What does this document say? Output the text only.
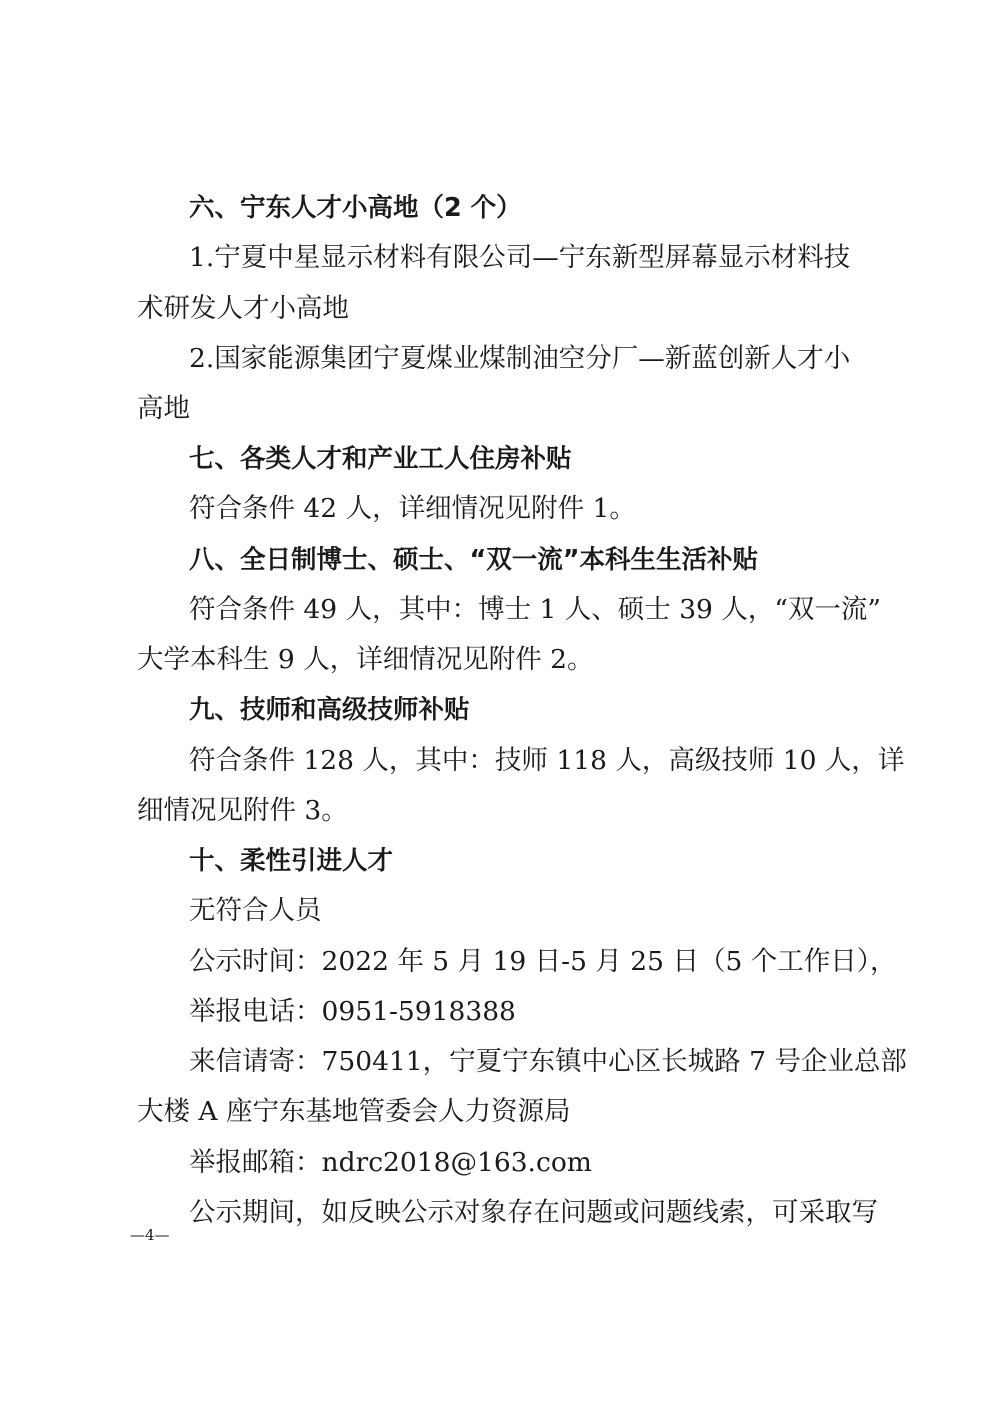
六、宁东人才小高地（2 个）

1.宁夏中星显示材料有限公司—宁东新型屏幕显示材料技

术研发人才小高地

2.国家能源集团宁夏煤业煤制油空分厂—新蓝创新人才小

高地

七、各类人才和产业工人住房补贴

符合条件 42 人，详细情况见附件 1。

八、全日制博士、硕士、“双一流”本科生生活补贴

符合条件 49 人，其中：博士 1 人、硕士 39 人，“双一流”

大学本科生 9 人，详细情况见附件 2。

九、技师和高级技师补贴

符合条件 128 人，其中：技师 118 人，高级技师 10 人，详

细情况见附件 3。

十、柔性引进人才

无符合人员

公示时间：2022 年 5 月 19 日-5 月 25 日（5 个工作日），

举报电话：0951-5918388

来信请寄：750411，宁夏宁东镇中心区长城路 7 号企业总部

大楼 A 座宁东基地管委会人力资源局

举报邮箱：ndrc2018@163.com

公示期间，如反映公示对象存在问题或问题线索，可采取写

—4—
